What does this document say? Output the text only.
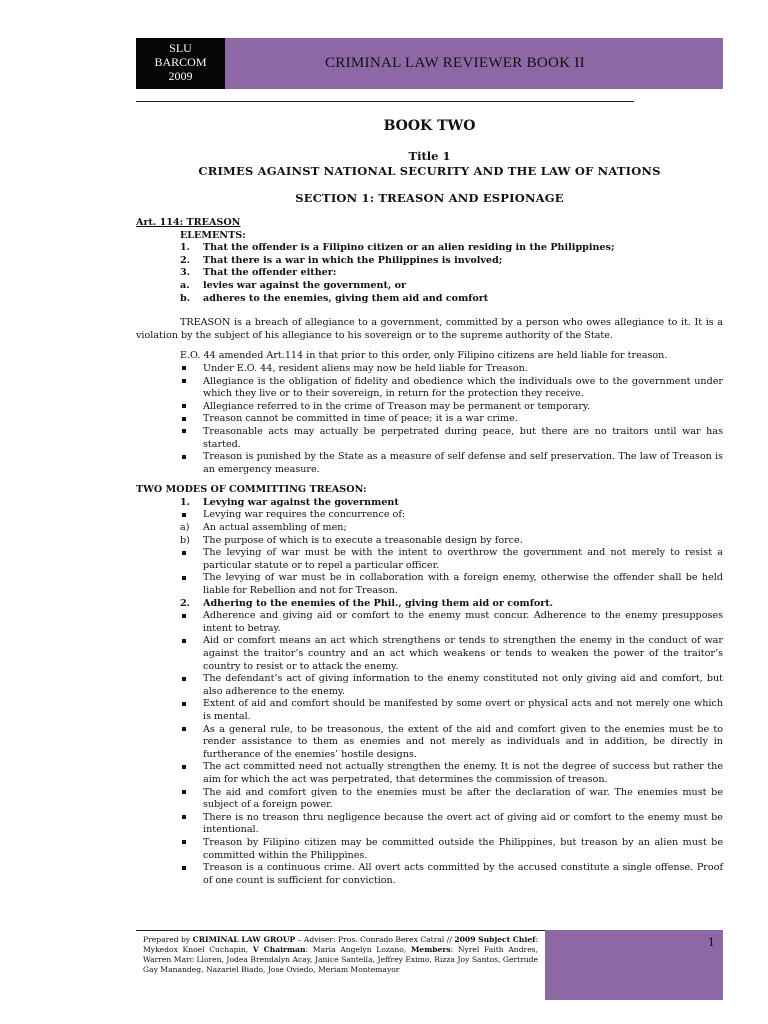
SLU
BARCOM
2009
CRIMINAL LAW REVIEWER BOOK II
BOOK TWO
Title 1
CRIMES AGAINST NATIONAL SECURITY AND THE LAW OF NATIONS
SECTION 1: TREASON AND ESPIONAGE
Art. 114: TREASON
ELEMENTS:
1.	That the offender is a Filipino citizen or an alien residing in the Philippines;
2.	That there is a war in which the Philippines is involved;
3.	That the offender either:
a.	levies war against the government, or
b.	adheres to the enemies, giving them aid and comfort

TREASON is a breach of allegiance to a government, committed by a person who owes allegiance to it. It is a violation by the subject of his allegiance to his sovereign or to the supreme authority of the State.

E.O. 44 amended Art.114 in that prior to this order, only Filipino citizens are held liable for treason.

Under E.O. 44, resident aliens may now be held liable for Treason.
Allegiance is the obligation of fidelity and obedience which the individuals owe to the government under which they live or to their sovereign, in return for the protection they receive.
Allegiance referred to in the crime of Treason may be permanent or temporary.
Treason cannot be committed in time of peace; it is a war crime.
Treasonable acts may actually be perpetrated during peace, but there are no traitors until war has started.
Treason is punished by the State as a measure of self defense and self preservation. The law of Treason is an emergency measure.
TWO MODES OF COMMITTING TREASON:
1.	Levying war against the government
Levying war requires the concurrence of:
a)	An actual assembling of men;
b)	The purpose of which is to execute a treasonable design by force.
The levying of war must be with the intent to overthrow the government and not merely to resist a particular statute or to repel a particular officer.
The levying of war must be in collaboration with a foreign enemy, otherwise the offender shall be held liable for Rebellion and not for Treason.
2.	Adhering to the enemies of the Phil., giving them aid or comfort.
Adherence and giving aid or comfort to the enemy must concur. Adherence to the enemy presupposes intent to betray.
Aid or comfort means an act which strengthens or tends to strengthen the enemy in the conduct of war against the traitor’s country and an act which weakens or tends to weaken the power of the traitor’s country to resist or to attack the enemy.
The defendant’s act of giving information to the enemy constituted not only giving aid and comfort, but also adherence to the enemy.
Extent of aid and comfort should be manifested by some overt or physical acts and not merely one which is mental.
As a general rule, to be treasonous, the extent of the aid and comfort given to the enemies must be to render assistance to them as enemies and not merely as individuals and in addition, be directly in furtherance of the enemies’ hostile designs.
The act committed need not actually strengthen the enemy. It is not the degree of success but rather the aim for which the act was perpetrated, that determines the commission of treason.
The aid and comfort given to the enemies must be after the declaration of war. The enemies must be subject of a foreign power.
There is no treason thru negligence because the overt act of giving aid or comfort to the enemy must be intentional.
Treason by Filipino citizen may be committed outside the Philippines, but treason by an alien must be committed within the Philippines.
Treason is a continuous crime. All overt acts committed by the accused constitute a single offense. Proof of one count is sufficient for conviction.
1
Prepared by CRIMINAL LAW GROUP – Adviser: Pros. Conrado Berex Catral // 2009 Subject Chief: Mykedox Knoel Cuchapin, V Chairman: Maria Angelyn Lozano, Members: Nyrel Faith Andres, Warren Marc Lloren, Jodea Brendalyn Acay, Janice Santella, Jeffrey Eximo, Rizza Joy Santos, Gertrude Gay Manandeg, Nazariel Biado, Jose Oviedo, Meriam Montemayor
